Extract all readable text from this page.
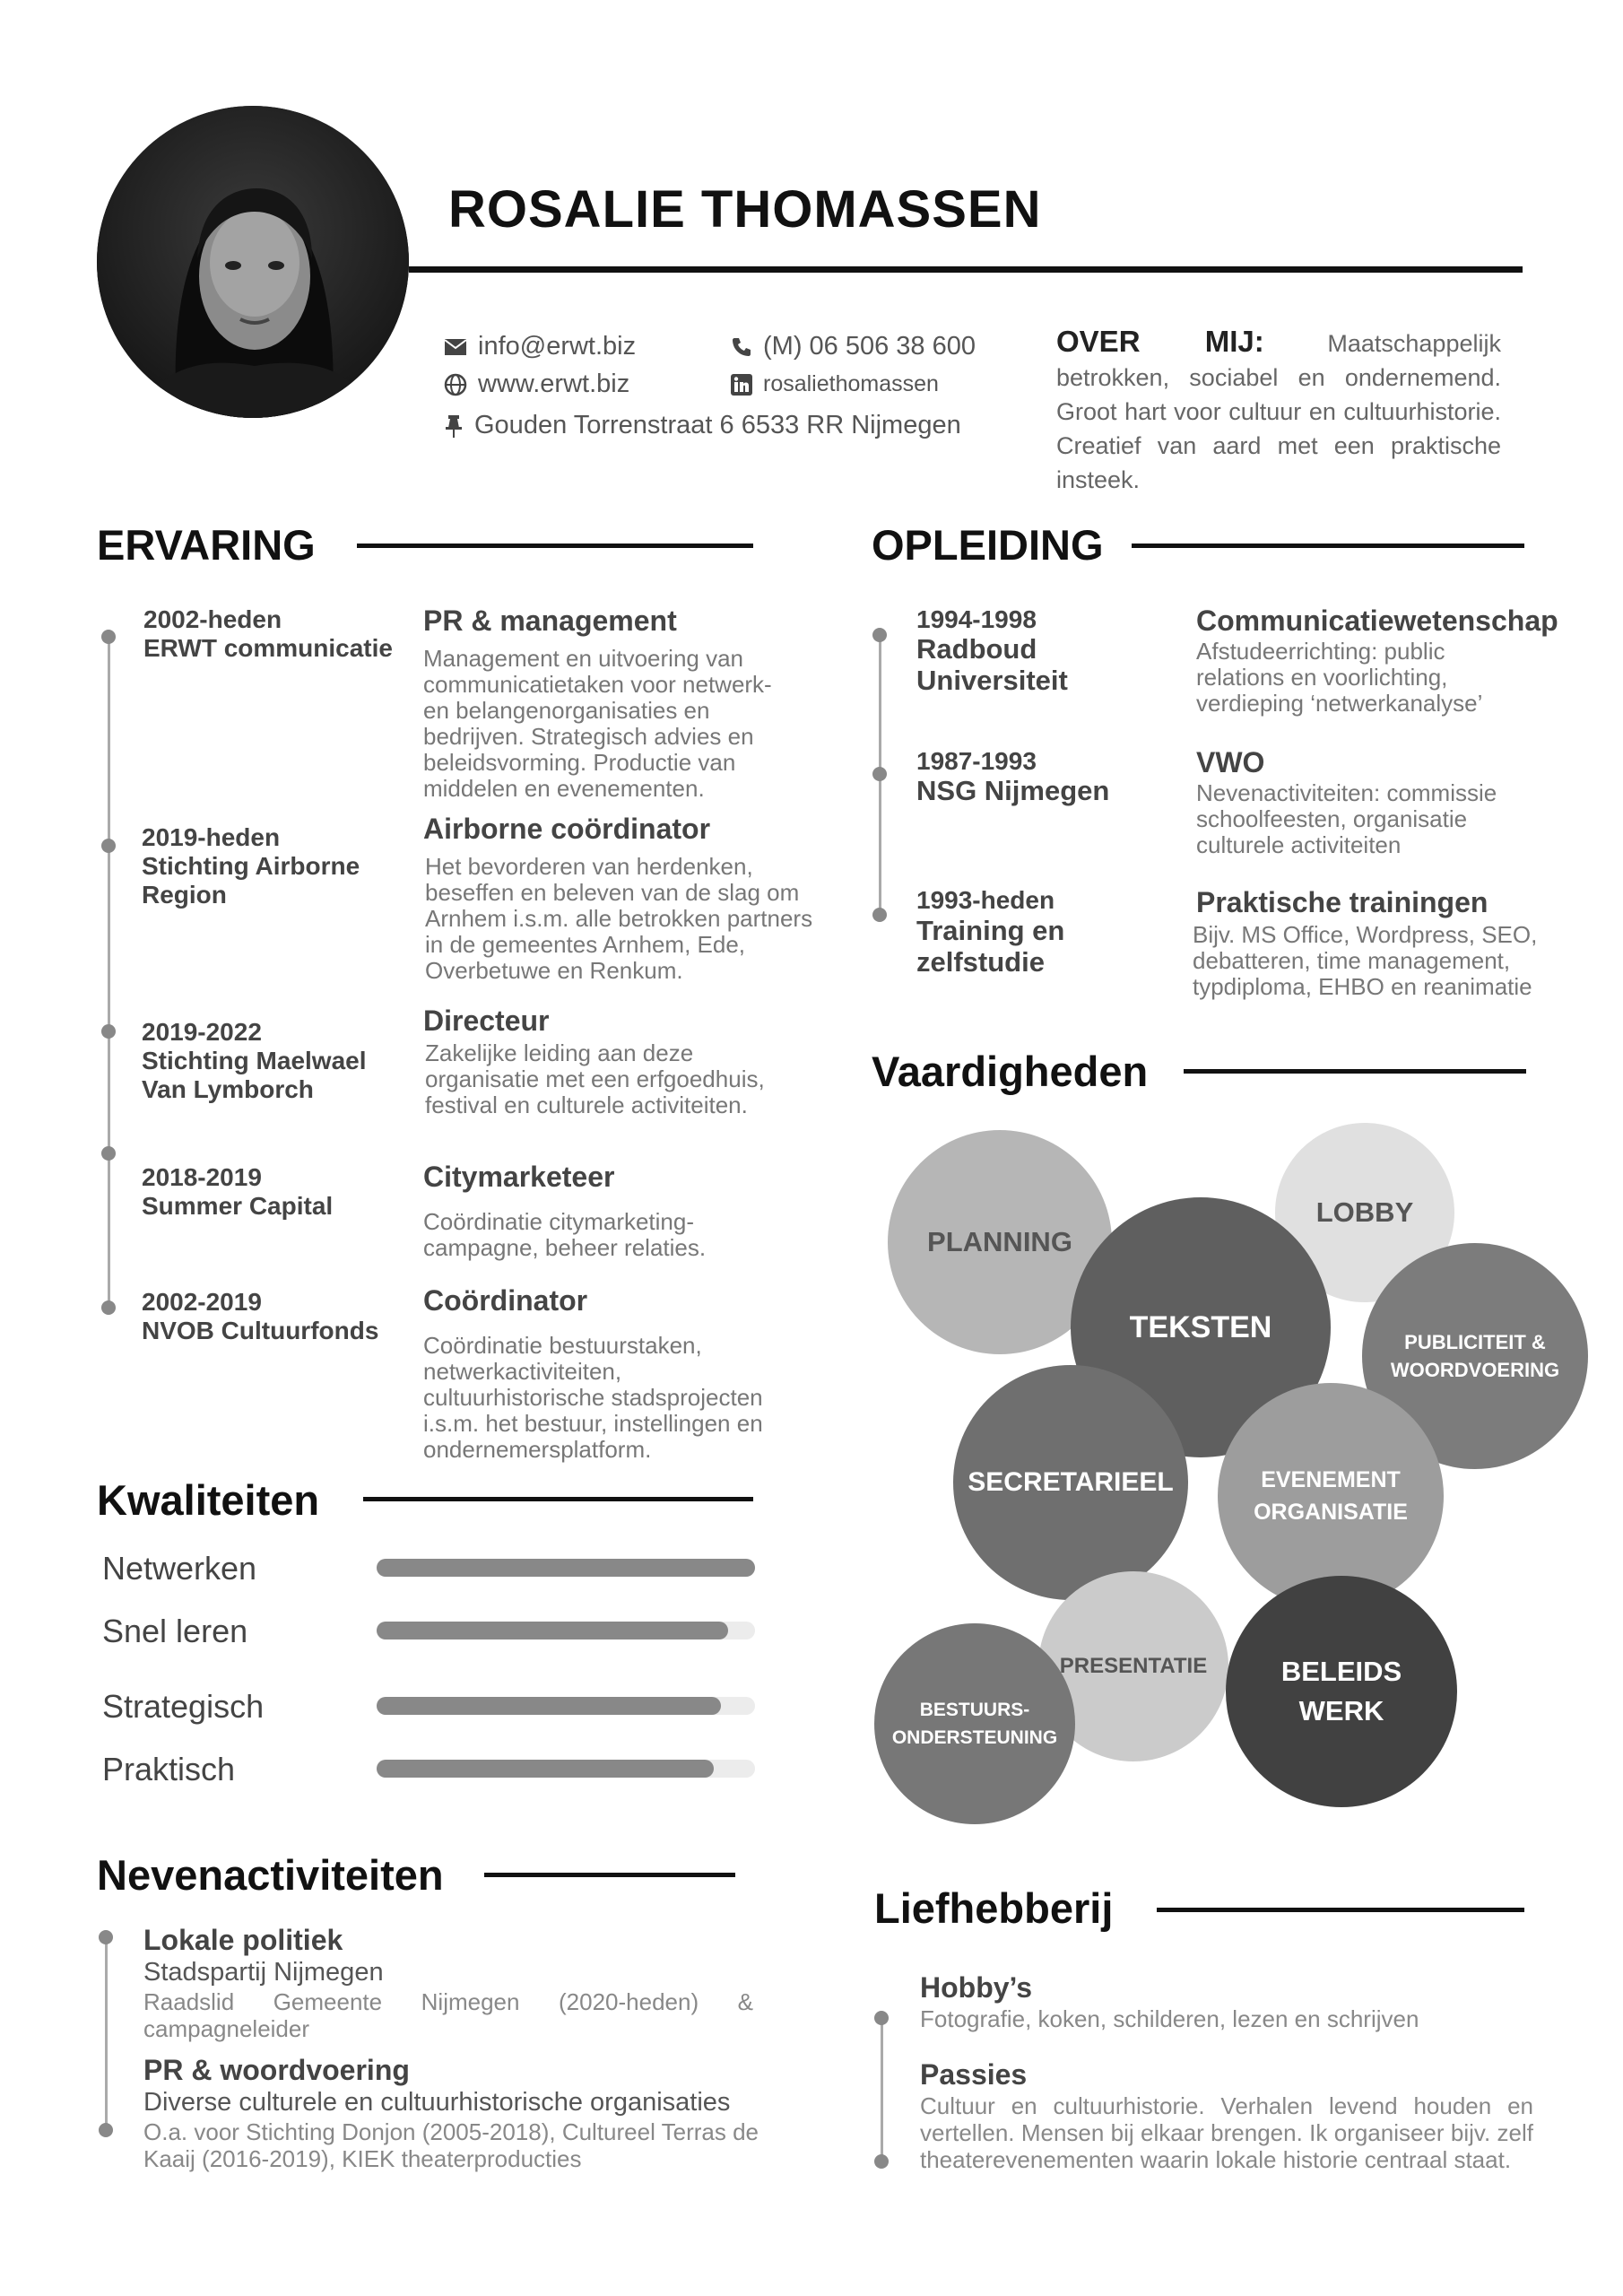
ROSALIE THOMASSEN
info@erwt.biz
www.erwt.biz
Gouden Torrenstraat 6 6533 RR Nijmegen
(M) 06 506 38 600
rosaliethomassen
OVER MIJ:	Maatschappelijk betrokken, sociabel en ondernemend. Groot hart voor cultuur en cultuurhistorie. Creatief van aard met een praktische insteek.
ERVARING
2002-heden
ERWT communicatie
PR & management
Management en uitvoering van communicatietaken voor netwerk- en belangenorganisaties en bedrijven. Strategisch advies en beleidsvorming. Productie van middelen en evenementen.
2019-heden
Stichting Airborne Region
Airborne coördinator
Het bevorderen van herdenken, beseffen en beleven van de slag om Arnhem i.s.m. alle betrokken partners in de gemeentes Arnhem, Ede, Overbetuwe en Renkum.
2019-2022
Stichting Maelwael Van Lymborch
Directeur
Zakelijke leiding aan deze organisatie met een erfgoedhuis, festival en culturele activiteiten.
2018-2019
Summer Capital
Citymarketeer
Coördinatie citymarketing-campagne, beheer relaties.
2002-2019
NVOB Cultuurfonds
Coördinator
Coördinatie bestuurstaken, netwerkactiviteiten, cultuurhistorische stadsprojecten i.s.m. het bestuur, instellingen en ondernemersplatform.
OPLEIDING
1994-1998
Radboud Universiteit
Communicatiewetenschap
Afstudeerrichting: public relations en voorlichting, verdieping ‘netwerkanalyse’
1987-1993
NSG Nijmegen
VWO
Nevenactiviteiten: commissie schoolfeesten, organisatie culturele activiteiten
1993-heden
Training en zelfstudie
Praktische trainingen
Bijv. MS Office, Wordpress, SEO, debatteren, time management, typdiploma, EHBO en reanimatie
Kwaliteiten
Netwerken
Snel leren
Strategisch
Praktisch
Vaardigheden
PLANNING
LOBBY
TEKSTEN	PUBLICITEIT & WOORDVOERING
SECRETARIEEL	EVENEMENT ORGANISATIE
PRESENTATIE
BESTUURS-ONDERSTEUNING
BELEIDS WERK
Nevenactiviteiten
Lokale politiek
Stadspartij Nijmegen
Raadslid Gemeente Nijmegen (2020-heden) & campagneleider
PR & woordvoering
Diverse culturele en cultuurhistorische organisaties
O.a. voor Stichting Donjon (2005-2018), Cultureel Terras de Kaaij (2016-2019), KIEK theaterproducties
Liefhebberij
Hobby’s
Fotografie, koken, schilderen, lezen en schrijven
Passies
Cultuur en cultuurhistorie. Verhalen levend houden en vertellen. Mensen bij elkaar brengen. Ik organiseer bijv. zelf theaterevenementen waarin lokale historie centraal staat.
